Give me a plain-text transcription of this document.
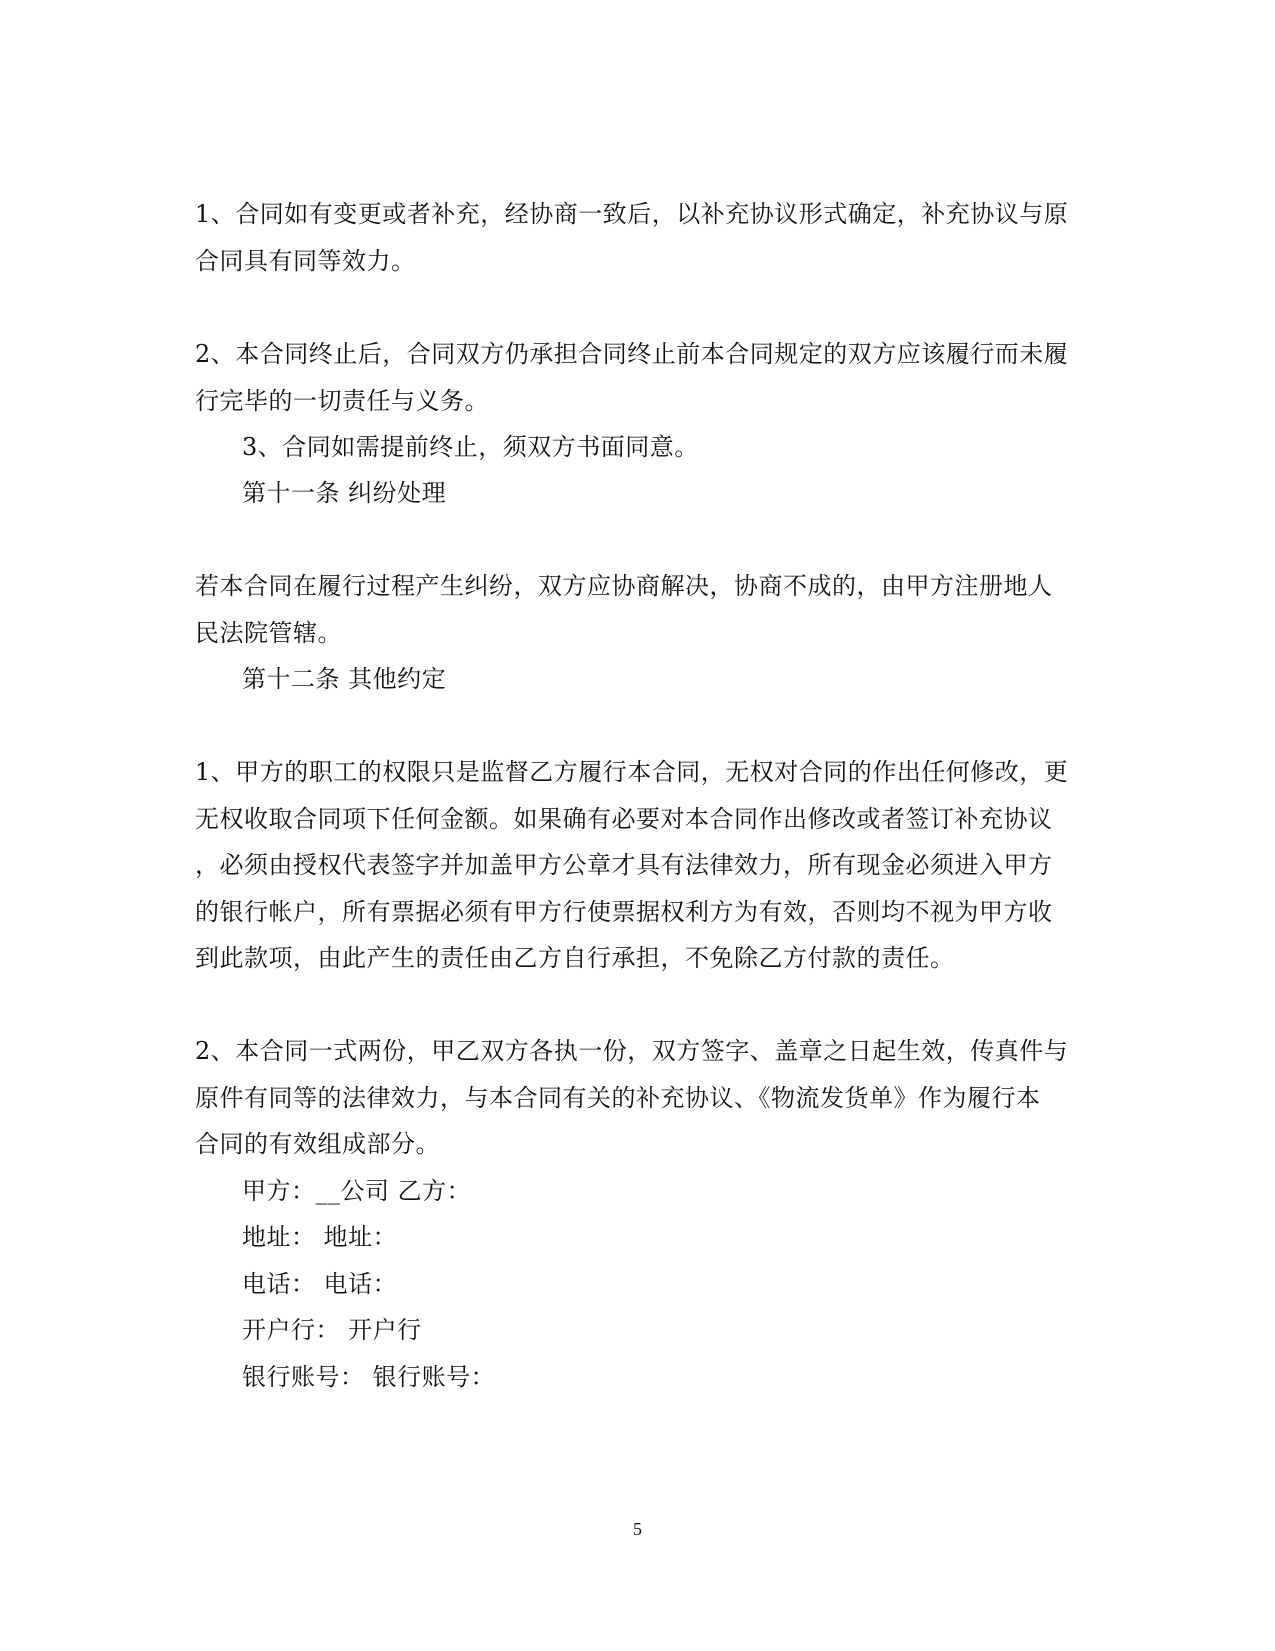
1、合同如有变更或者补充，经协商一致后，以补充协议形式确定，补充协议与原
合同具有同等效力。
2、本合同终止后，合同双方仍承担合同终止前本合同规定的双方应该履行而未履
行完毕的一切责任与义务。
3、合同如需提前终止，须双方书面同意。
第十一条 纠纷处理
若本合同在履行过程产生纠纷，双方应协商解决，协商不成的，由甲方注册地人
民法院管辖。
第十二条 其他约定
1、甲方的职工的权限只是监督乙方履行本合同，无权对合同的作出任何修改，更
无权收取合同项下任何金额。如果确有必要对本合同作出修改或者签订补充协议
，必须由授权代表签字并加盖甲方公章才具有法律效力，所有现金必须进入甲方
的银行帐户，所有票据必须有甲方行使票据权利方为有效，否则均不视为甲方收
到此款项，由此产生的责任由乙方自行承担，不免除乙方付款的责任。
2、本合同一式两份，甲乙双方各执一份，双方签字、盖章之日起生效，传真件与
原件有同等的法律效力，与本合同有关的补充协议、《物流发货单》作为履行本
合同的有效组成部分。
甲方：__公司 乙方：
地址： 地址：
电话： 电话：
开户行： 开户行
银行账号： 银行账号：
5
